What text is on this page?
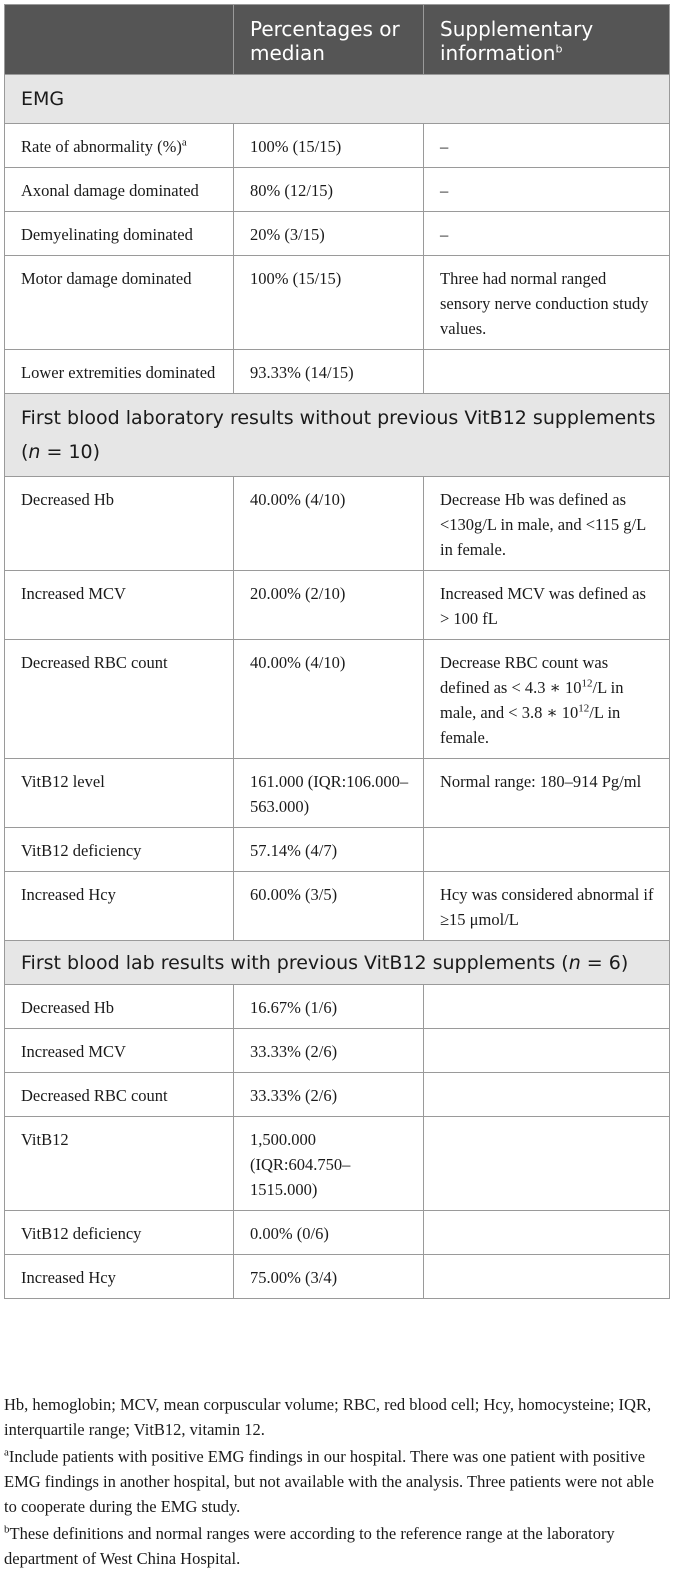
	Percentages or median	Supplementary information$^b$
EMG		
Rate of abnormality (%)$^a$	100% (15/15)	–
Axonal damage dominated	80% (12/15)	–
Demyelinating dominated	20% (3/15)	–
Motor damage dominated	100% (15/15)	Three had normal ranged sensory nerve conduction study values.
Lower extremities dominated	93.33% (14/15)	
First blood laboratory results without previous VitB12 supplements (n = 10)		
Decreased Hb	40.00% (4/10)	Decrease Hb was defined as <130g/L in male, and <115 g/L in female.
Increased MCV	20.00% (2/10)	Increased MCV was defined as > 100 fL
Decreased RBC count	40.00% (4/10)	Decrease RBC count was defined as < 4.3 ∗ $10^{12}/L$ in male, and < 3.8 ∗ $10^{12}/L$ in female.
VitB12 level	161.000 (IQR:106.000–563.000)	Normal range: 180–914 Pg/ml
VitB12 deficiency	57.14% (4/7)	
Increased Hcy	60.00% (3/5)	Hcy was considered abnormal if ≥15 μmol/L
First blood lab results with previous VitB12 supplements (n = 6)		
Decreased Hb	16.67% (1/6)	
Increased MCV	33.33% (2/6)	
Decreased RBC count	33.33% (2/6)	
VitB12	1,500.000 (IQR:604.750–1515.000)	
VitB12 deficiency	0.00% (0/6)	
Increased Hcy	75.00% (3/4)	

Hb, hemoglobin; MCV, mean corpuscular volume; RBC, red blood cell; Hcy, homocysteine; IQR, interquartile range; VitB12, vitamin 12.

$^a$Include patients with positive EMG findings in our hospital. There was one patient with positive EMG findings in another hospital, but not available with the analysis. Three patients were not able to cooperate during the EMG study.

$^b$These definitions and normal ranges were according to the reference range at the laboratory department of West China Hospital.
